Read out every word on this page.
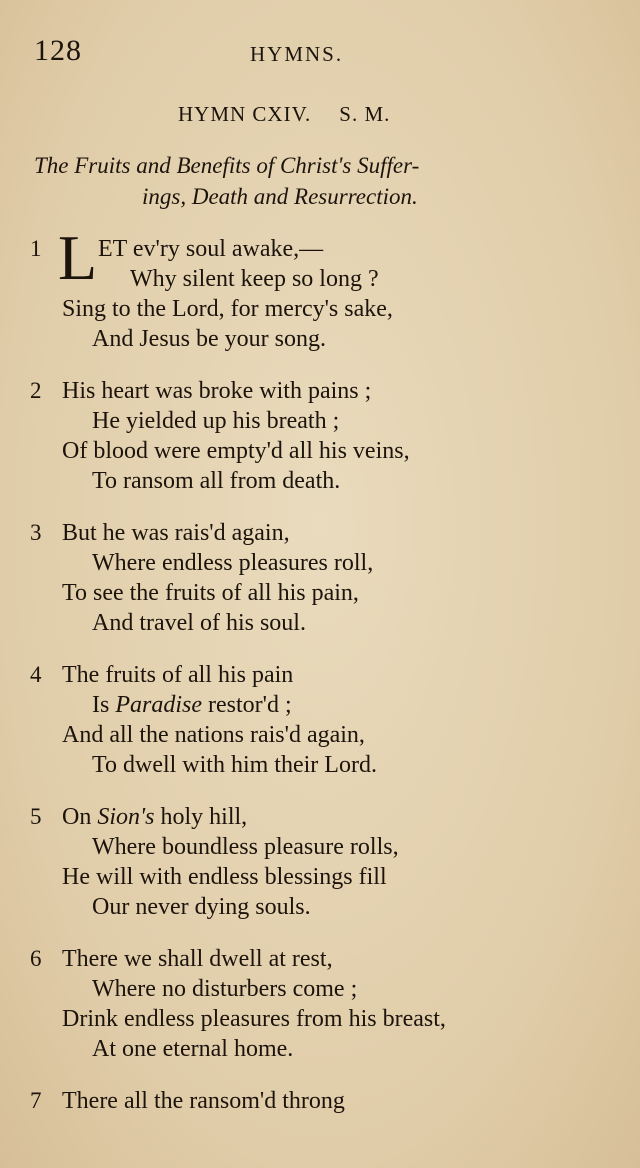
128	HYMNS.
HYMN CXIV. S. M.
The Fruits and Benefits of Christ's Suffer-
ings, Death and Resurrection.
1 L ET ev'ry soul awake,—
Why silent keep so long ?
Sing to the Lord, for mercy's sake,
And Jesus be your song.
2 His heart was broke with pains ;
He yielded up his breath ;
Of blood were empty'd all his veins,
To ransom all from death.
3 But he was rais'd again,
Where endless pleasures roll,
To see the fruits of all his pain,
And travel of his soul.
4 The fruits of all his pain
Is Paradise restor'd ;
And all the nations rais'd again,
To dwell with him their Lord.
5 On Sion's holy hill,
Where boundless pleasure rolls,
He will with endless blessings fill
Our never dying souls.
6 There we shall dwell at rest,
Where no disturbers come ;
Drink endless pleasures from his breast,
At one eternal home.
7 There all the ransom'd throng
